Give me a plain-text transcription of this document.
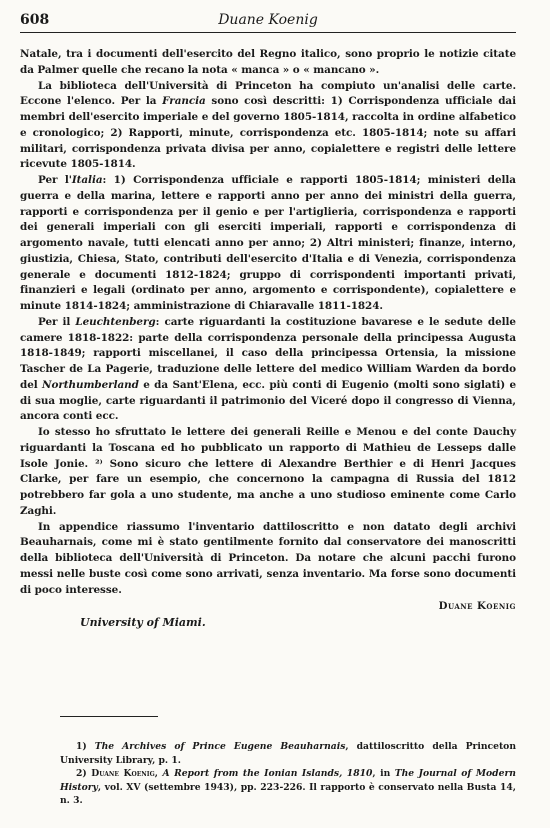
608	Duane Koenig

Natale, tra i documenti dell'esercito del Regno italico, sono proprio le notizie citate da Palmer quelle che recano la nota « manca » o « mancano ».

La biblioteca dell'Università di Princeton ha compiuto un'analisi delle carte. Eccone l'elenco. Per la Francia sono così descritti: 1) Corrispondenza ufficiale dai membri dell'esercito imperiale e del governo 1805-1814, raccolta in ordine alfabetico e cronologico; 2) Rapporti, minute, corrispondenza etc. 1805-1814; note su affari militari, corrispondenza privata divisa per anno, copialettere e registri delle lettere ricevute 1805-1814.

Per l'Italia: 1) Corrispondenza ufficiale e rapporti 1805-1814; ministeri della guerra e della marina, lettere e rapporti anno per anno dei ministri della guerra, rapporti e corrispondenza per il genio e per l'artiglieria, corrispondenza e rapporti dei generali imperiali con gli eserciti imperiali, rapporti e corrispondenza di argomento navale, tutti elencati anno per anno; 2) Altri ministeri; finanze, interno, giustizia, Chiesa, Stato, contributi dell'esercito d'Italia e di Venezia, corrispondenza generale e documenti 1812-1824; gruppo di corrispondenti importanti privati, finanzieri e legali (ordinato per anno, argomento e corrispondente), copialettere e minute 1814-1824; amministrazione di Chiaravalle 1811-1824.

Per il Leuchtenberg: carte riguardanti la costituzione bavarese e le sedute delle camere 1818-1822: parte della corrispondenza personale della principessa Augusta 1818-1849; rapporti miscellanei, il caso della principessa Ortensia, la missione Tascher de La Pagerie, traduzione delle lettere del medico William Warden da bordo del Northumberland e da Sant'Elena, ecc. più conti di Eugenio (molti sono siglati) e di sua moglie, carte riguardanti il patrimonio del Viceré dopo il congresso di Vienna, ancora conti ecc.

Io stesso ho sfruttato le lettere dei generali Reille e Menou e del conte Dauchy riguardanti la Toscana ed ho pubblicato un rapporto di Mathieu de Lesseps dalle Isole Jonie. ²⁾ Sono sicuro che lettere di Alexandre Berthier e di Henri Jacques Clarke, per fare un esempio, che concernono la campagna di Russia del 1812 potrebbero far gola a uno studente, ma anche a uno studioso eminente come Carlo Zaghi.

In appendice riassumo l'inventario dattiloscritto e non datato degli archivi Beauharnais, come mi è stato gentilmente fornito dal conservatore dei manoscritti della biblioteca dell'Università di Princeton. Da notare che alcuni pacchi furono messi nelle buste così come sono arrivati, senza inventario. Ma forse sono documenti di poco interesse.

Duane Koenig
University of Miami.

1) The Archives of Prince Eugene Beauharnais, dattiloscritto della Princeton University Library, p. 1.

2) Duane Koenig, A Report from the Ionian Islands, 1810, in The Journal of Modern History, vol. XV (settembre 1943), pp. 223-226. Il rapporto è conservato nella Busta 14, n. 3.
